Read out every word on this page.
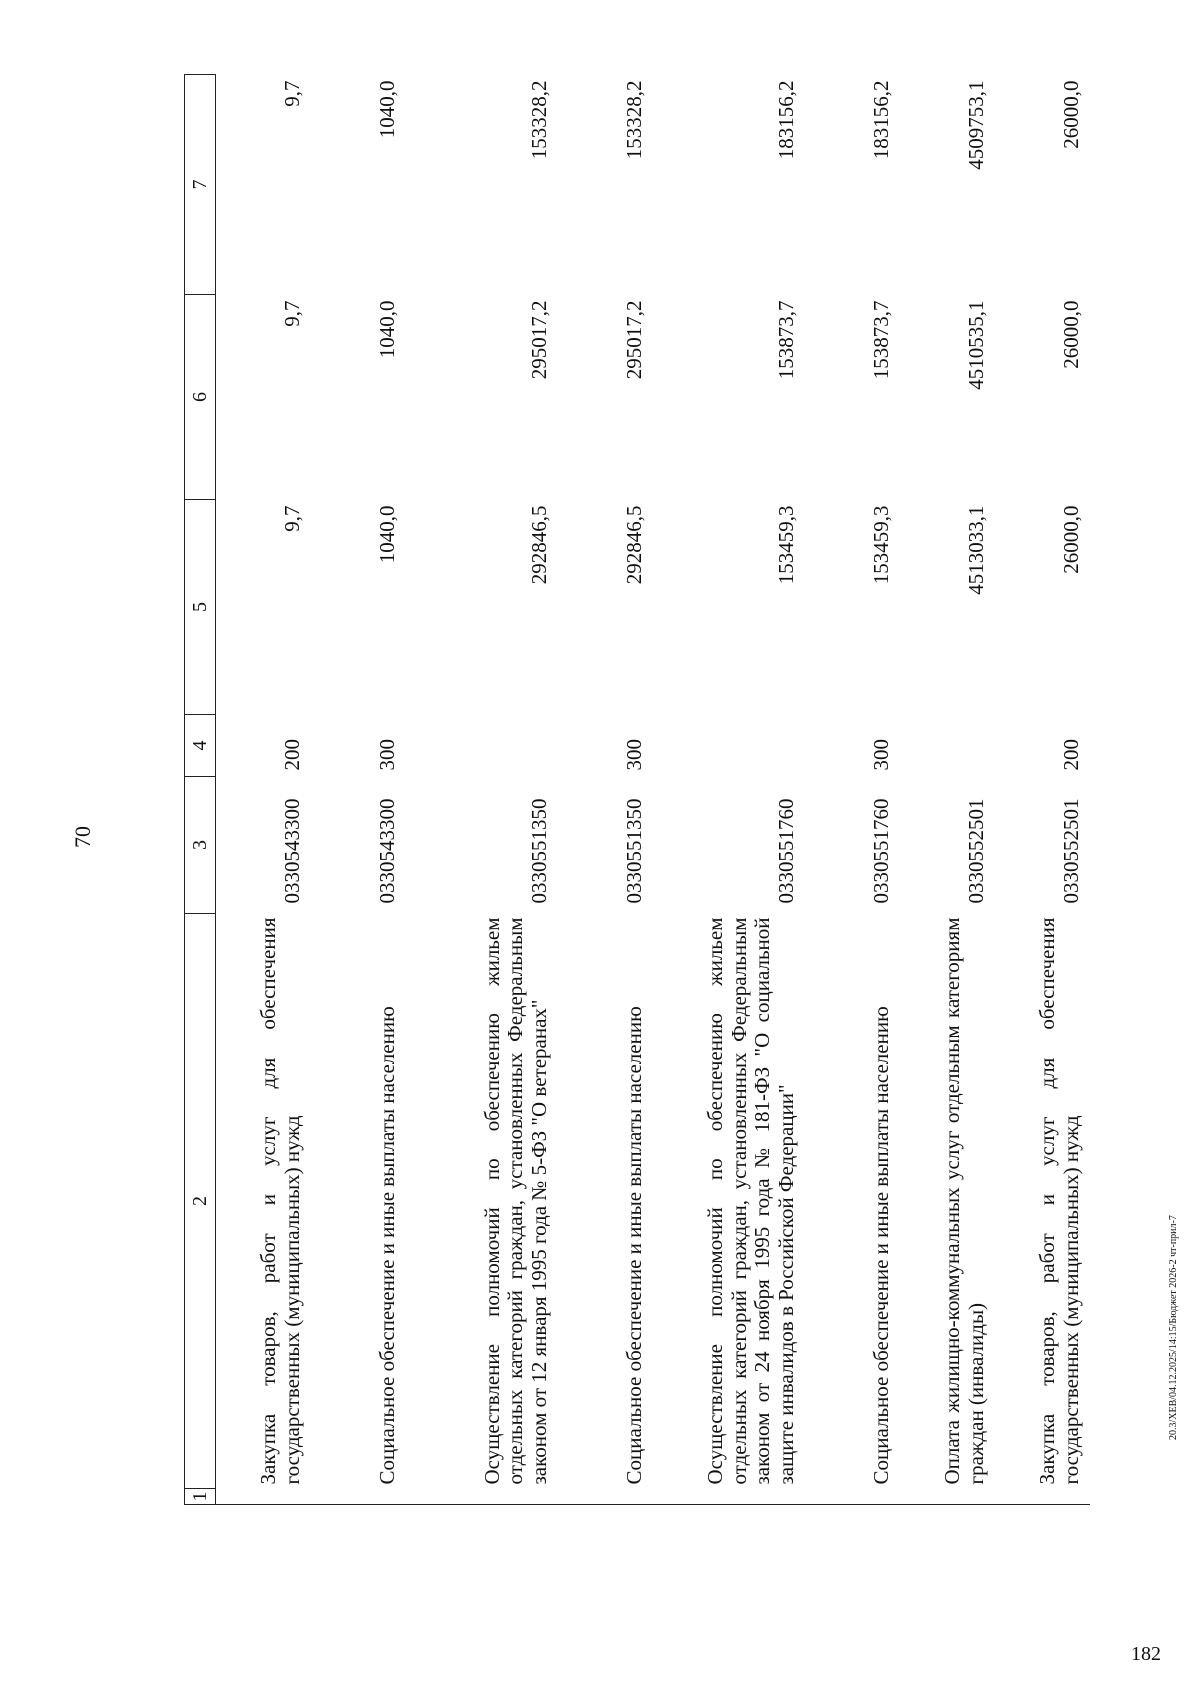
70
1	2	3	4	5	6	7
	Закупка товаров, работ и услуг для обеспечения государственных (муниципальных) нужд	0330543300	200	9,7	9,7	9,7
	Социальное обеспечение и иные выплаты населению	0330543300	300	1040,0	1040,0	1040,0
	Осуществление полномочий по обеспечению жильем отдельных категорий граждан, установленных Федеральным законом от 12 января 1995 года № 5-ФЗ "О ветеранах"	0330551350		292846,5	295017,2	153328,2
	Социальное обеспечение и иные выплаты населению	0330551350	300	292846,5	295017,2	153328,2
	Осуществление полномочий по обеспечению жильем отдельных категорий граждан, установленных Федеральным законом от 24 ноября 1995 года № 181-ФЗ "О социальной защите инвалидов в Российской Федерации"	0330551760		153459,3	153873,7	183156,2
	Социальное обеспечение и иные выплаты населению	0330551760	300	153459,3	153873,7	183156,2
	Оплата жилищно-коммунальных услуг отдельным категориям граждан (инвалиды)	0330552501		4513033,1	4510535,1	4509753,1
	Закупка товаров, работ и услуг для обеспечения государственных (муниципальных) нужд	0330552501	200	26000,0	26000,0	26000,0
20.3/ХЕВ/04.12.2025/14:15/Бюджет 2026-2 чт-прил-7
182
